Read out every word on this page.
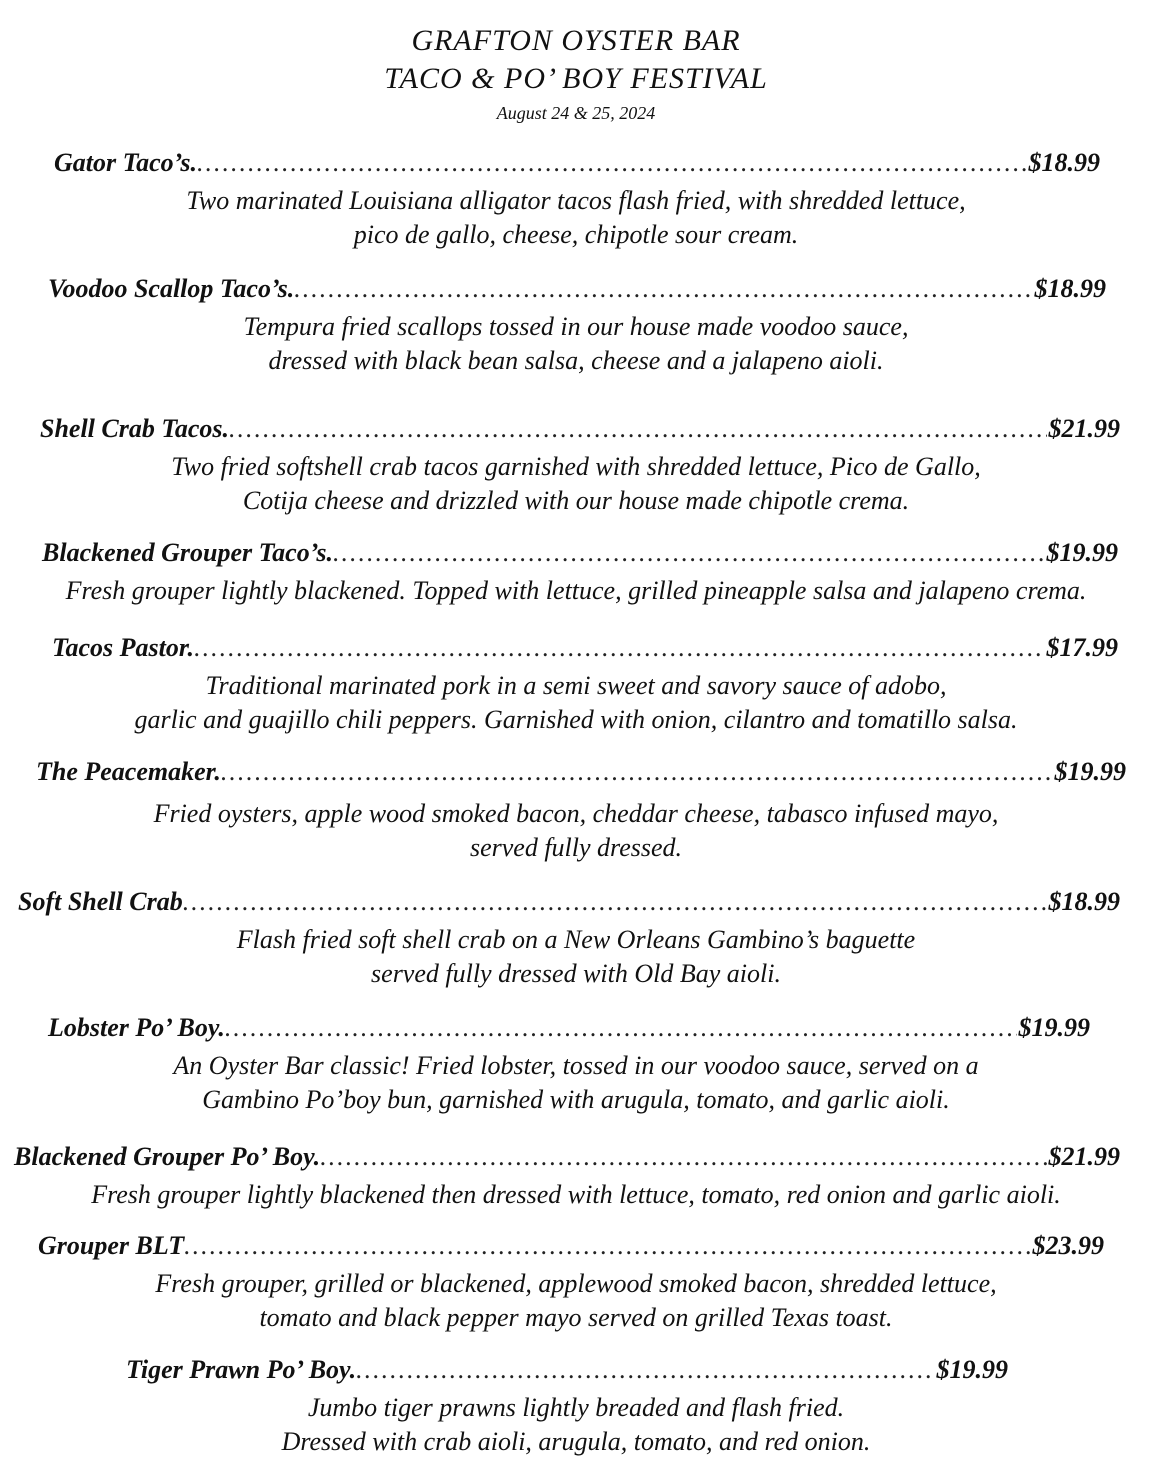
GRAFTON OYSTER BAR
TACO & PO’ BOY FESTIVAL
August 24 & 25, 2024
Gator Taco’s. .....	$18.99
Two marinated Louisiana alligator tacos flash fried, with shredded lettuce,
pico de gallo, cheese, chipotle sour cream.
Voodoo Scallop Taco’s. .....	$18.99
Tempura fried scallops tossed in our house made voodoo sauce,
dressed with black bean salsa, cheese and a jalapeno aioli.
Shell Crab Tacos. .....	$21.99
Two fried softshell crab tacos garnished with shredded lettuce, Pico de Gallo,
Cotija cheese and drizzled with our house made chipotle crema.
Blackened Grouper Taco’s. .....	$19.99
Fresh grouper lightly blackened. Topped with lettuce, grilled pineapple salsa and jalapeno crema.
Tacos Pastor. .....	$17.99
Traditional marinated pork in a semi sweet and savory sauce of adobo,
garlic and guajillo chili peppers. Garnished with onion, cilantro and tomatillo salsa.
The Peacemaker. .....	$19.99
Fried oysters, apple wood smoked bacon, cheddar cheese, tabasco infused mayo,
served fully dressed.
Soft Shell Crab .....	$18.99
Flash fried soft shell crab on a New Orleans Gambino’s baguette
served fully dressed with Old Bay aioli.
Lobster Po’ Boy. .....	$19.99
An Oyster Bar classic! Fried lobster, tossed in our voodoo sauce, served on a
Gambino Po’boy bun, garnished with arugula, tomato, and garlic aioli.
Blackened Grouper Po’ Boy. .....	$21.99
Fresh grouper lightly blackened then dressed with lettuce, tomato, red onion and garlic aioli.
Grouper BLT .....	$23.99
Fresh grouper, grilled or blackened, applewood smoked bacon, shredded lettuce,
tomato and black pepper mayo served on grilled Texas toast.
Tiger Prawn Po’ Boy. .....	$19.99
Jumbo tiger prawns lightly breaded and flash fried.
Dressed with crab aioli, arugula, tomato, and red onion.
